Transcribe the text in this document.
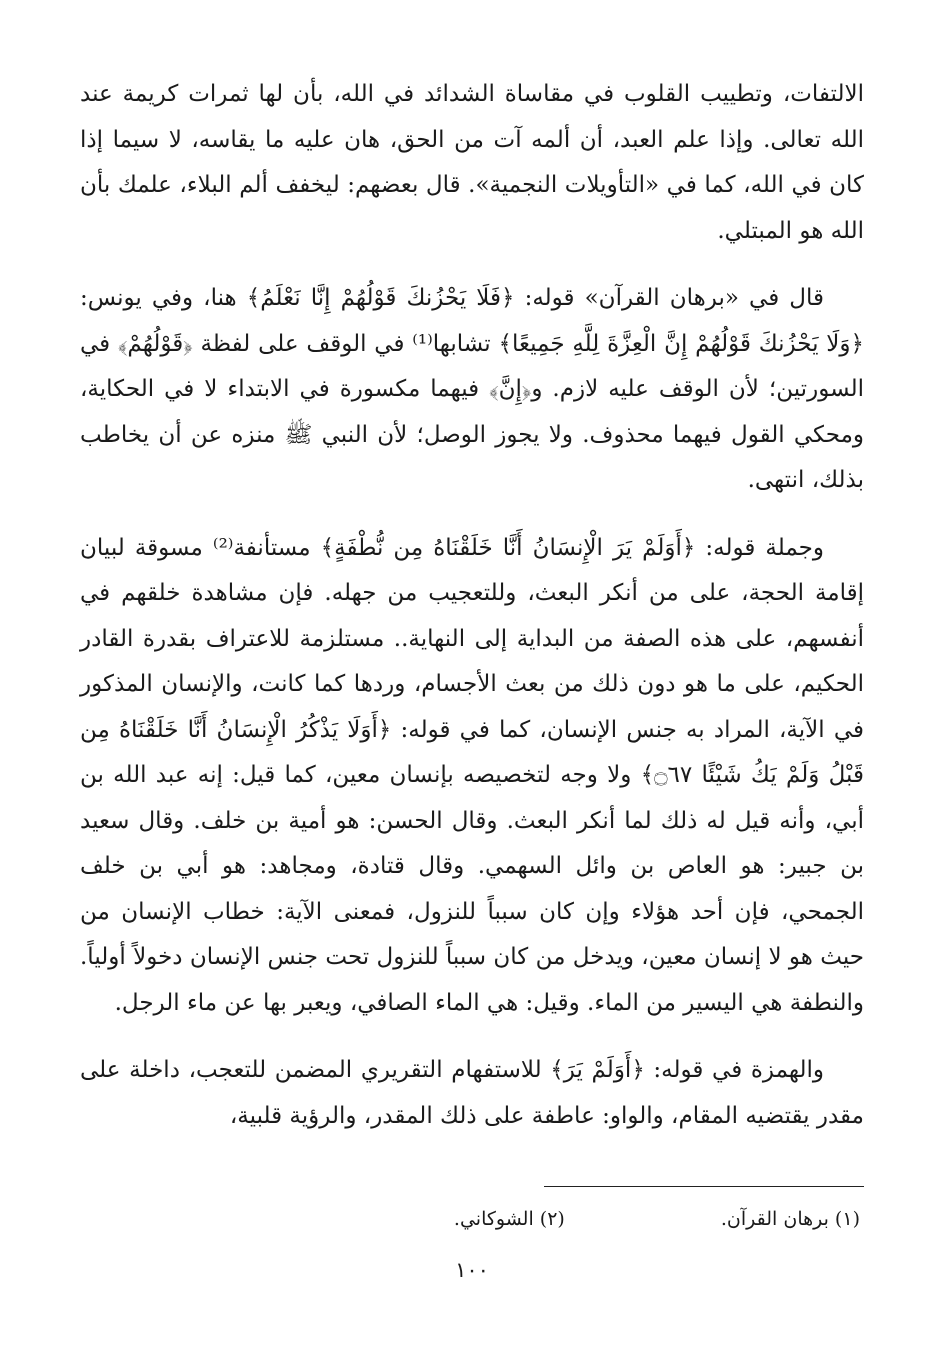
الالتفات، وتطييب القلوب في مقاساة الشدائد في الله، بأن لها ثمرات كريمة عند الله تعالى. وإذا علم العبد، أن ألمه آت من الحق، هان عليه ما يقاسه، لا سيما إذا كان في الله، كما في «التأويلات النجمية». قال بعضهم: ليخفف ألم البلاء، علمك بأن الله هو المبتلي.

قال في «برهان القرآن» قوله: ﴿فَلَا يَحْزُنكَ قَوْلُهُمْ إِنَّا نَعْلَمُ﴾ هنا، وفي يونس: ﴿وَلَا يَحْزُنكَ قَوْلُهُمْ إِنَّ الْعِزَّةَ لِلَّهِ جَمِيعًا﴾ تشابها⁽¹⁾ في الوقف على لفظة ﴿قَوْلُهُمْ﴾ في السورتين؛ لأن الوقف عليه لازم. و﴿إِنَّ﴾ فيهما مكسورة في الابتداء لا في الحكاية، ومحكي القول فيهما محذوف. ولا يجوز الوصل؛ لأن النبي ﷺ منزه عن أن يخاطب بذلك، انتهى.

وجملة قوله: ﴿أَوَلَمْ يَرَ الْإِنسَانُ أَنَّا خَلَقْنَاهُ مِن نُّطْفَةٍ﴾ مستأنفة⁽²⁾ مسوقة لبيان إقامة الحجة، على من أنكر البعث، وللتعجيب من جهله. فإن مشاهدة خلقهم في أنفسهم، على هذه الصفة من البداية إلى النهاية.. مستلزمة للاعتراف بقدرة القادر الحكيم، على ما هو دون ذلك من بعث الأجسام، وردها كما كانت، والإنسان المذكور في الآية، المراد به جنس الإنسان، كما في قوله: ﴿أَوَلَا يَذْكُرُ الْإِنسَانُ أَنَّا خَلَقْنَاهُ مِن قَبْلُ وَلَمْ يَكُ شَيْئًا ۝٦٧﴾ ولا وجه لتخصيصه بإنسان معين، كما قيل: إنه عبد الله بن أبي، وأنه قيل له ذلك لما أنكر البعث. وقال الحسن: هو أمية بن خلف. وقال سعيد بن جبير: هو العاص بن وائل السهمي. وقال قتادة، ومجاهد: هو أبي بن خلف الجمحي، فإن أحد هؤلاء وإن كان سبباً للنزول، فمعنى الآية: خطاب الإنسان من حيث هو لا إنسان معين، ويدخل من كان سبباً للنزول تحت جنس الإنسان دخولاً أولياً. والنطفة هي اليسير من الماء. وقيل: هي الماء الصافي، ويعبر بها عن ماء الرجل.

والهمزة في قوله: ﴿أَوَلَمْ يَرَ﴾ للاستفهام التقريري المضمن للتعجب، داخلة على مقدر يقتضيه المقام، والواو: عاطفة على ذلك المقدر، والرؤية قلبية،

(١) برهان القرآن. (٢) الشوكاني.
١٠٠
